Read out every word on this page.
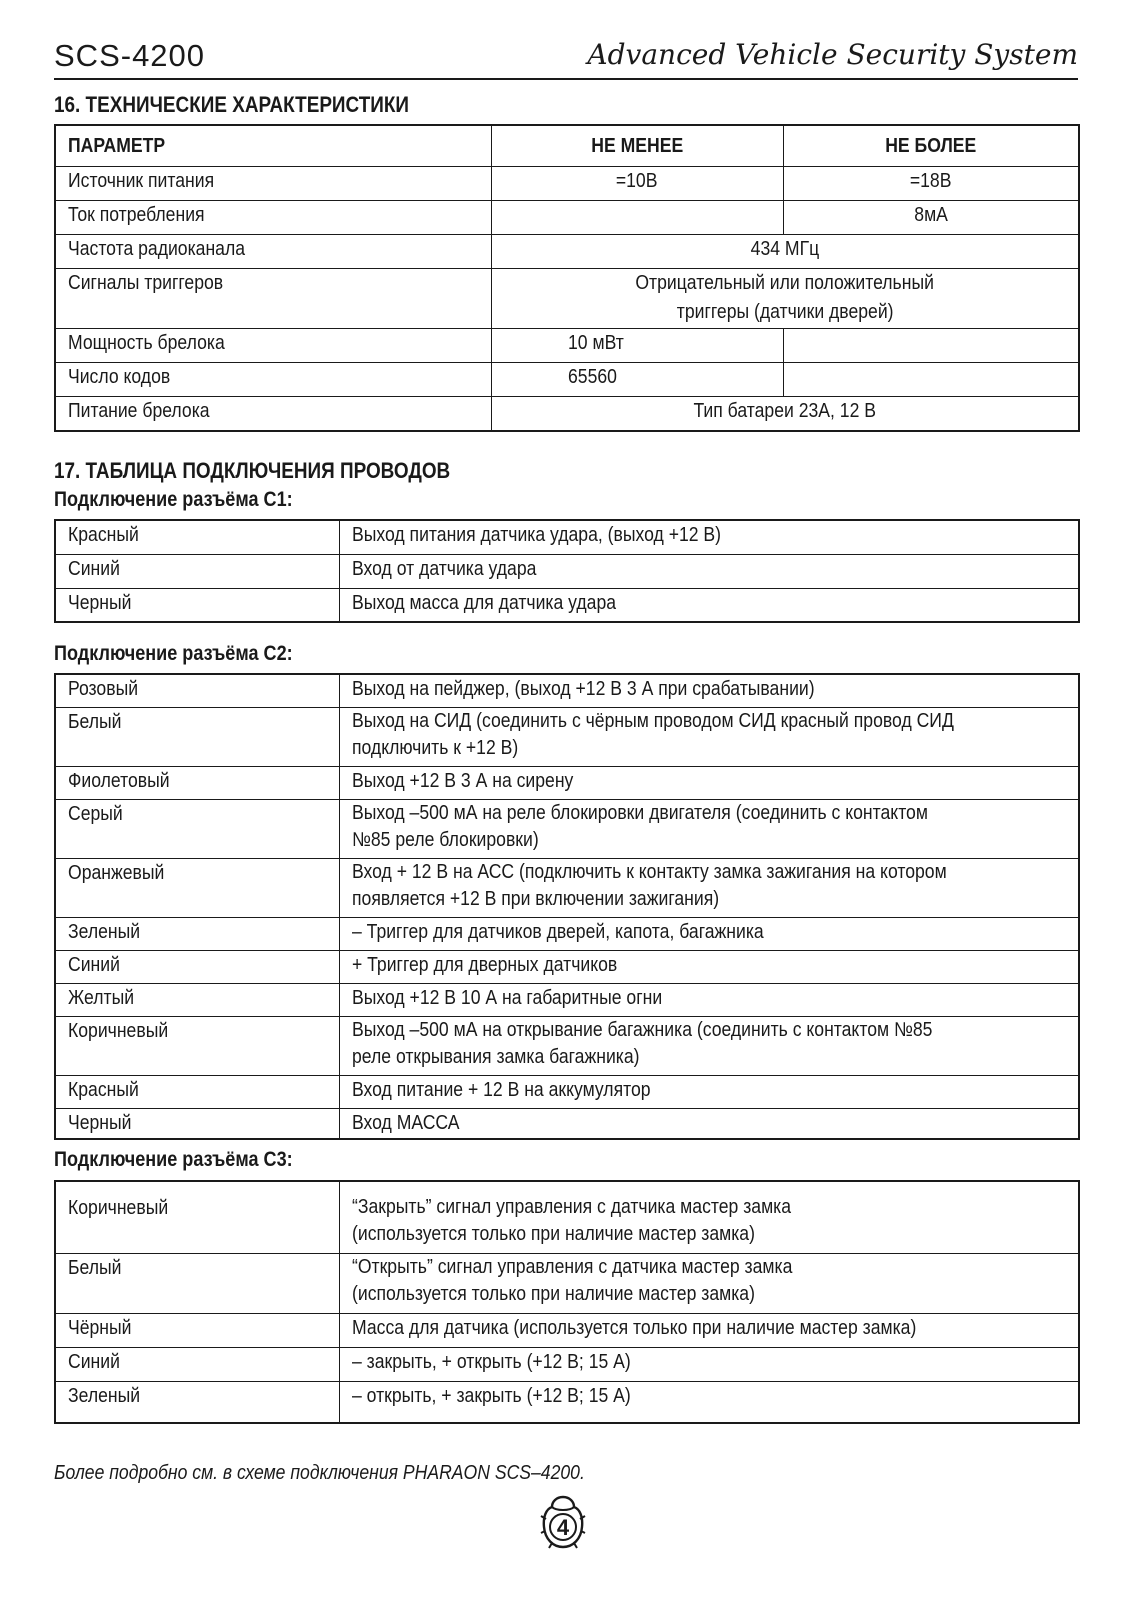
SCS-4200	Advanced Vehicle Security System
16. ТЕХНИЧЕСКИЕ ХАРАКТЕРИСТИКИ
ПАРАМЕТР	НЕ МЕНЕЕ	НЕ БОЛЕЕ
Источник питания	=10В	=18В
Ток потребления		8мА
Частота радиоканала	434 МГц	
Сигналы триггеров	Отрицательный или положительный
триггеры (датчики дверей)	
Мощность брелока	10 мВт	
Число кодов	65560	
Питание брелока	Тип батареи 23А, 12 В	
17. ТАБЛИЦА ПОДКЛЮЧЕНИЯ ПРОВОДОВ
Подключение разъёма С1:
Красный	Выход питания датчика удара, (выход +12 В)
Синий	Вход от датчика удара
Черный	Выход масса для датчика удара
Подключение разъёма С2:
Розовый	Выход на пейджер, (выход +12 В 3 А при срабатывании)
Белый	Выход на СИД (соединить с чёрным проводом СИД красный провод СИД
подключить к +12 В)
Фиолетовый	Выход +12 В 3 А на сирену
Серый	Выход –500 мА на реле блокировки двигателя (соединить с контактом
№85 реле блокировки)
Оранжевый	Вход + 12 В на АСС (подключить к контакту замка зажигания на котором
появляется +12 В при включении зажигания)
Зеленый	– Триггер для датчиков дверей, капота, багажника
Синий	+ Триггер для дверных датчиков
Желтый	Выход +12 В 10 А на габаритные огни
Коричневый	Выход –500 мА на открывание багажника (соединить с контактом №85
реле открывания замка багажника)
Красный	Вход питание + 12 В на аккумулятор
Черный	Вход МАССА
Подключение разъёма С3:
Коричневый	“Закрыть” сигнал управления с датчика мастер замка
(используется только при наличие мастер замка)
Белый	“Открыть” сигнал управления с датчика мастер замка
(используется только при наличие мастер замка)
Чёрный	Масса для датчика (используется только при наличие мастер замка)
Синий	– закрыть, + открыть (+12 В; 15 А)
Зеленый	– открыть, + закрыть (+12 В; 15 А)
Более подробно см. в схеме подключения PHARAON SCS–4200.
4
